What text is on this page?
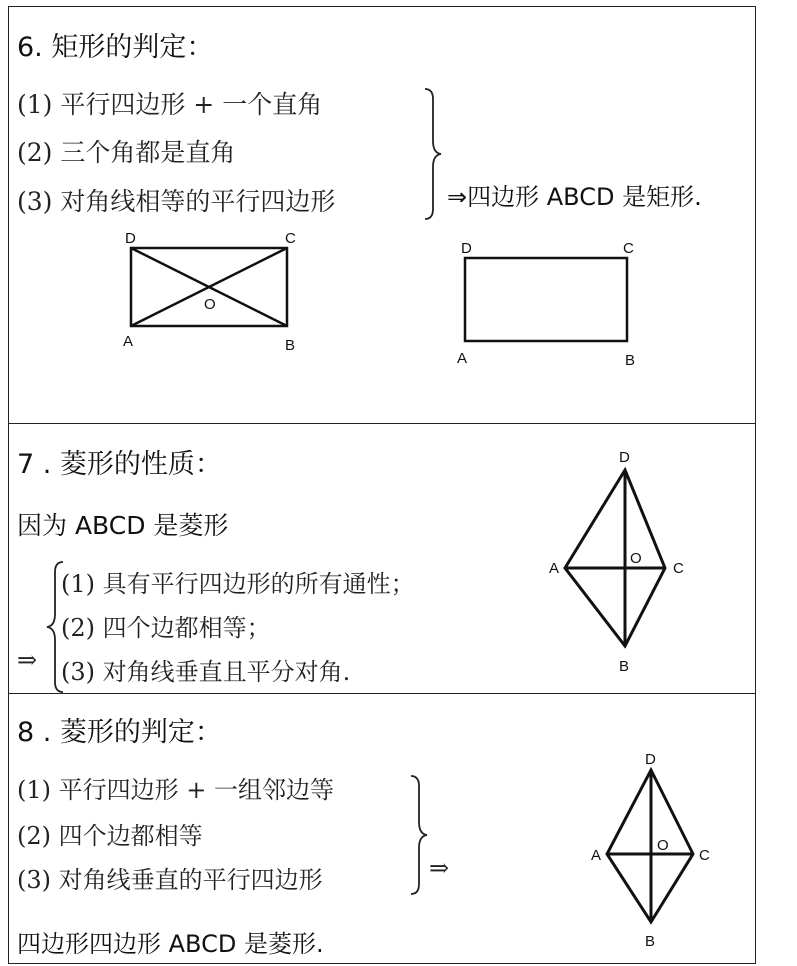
6. 矩形的判定：
(1) 平行四边形 + 一个直角
(2) 三个角都是直角
(3) 对角线相等的平行四边形	⇒四边形 ABCD 是矩形.
D	C
O
A	B
D	C
A	B
7 . 菱形的性质：
因为 ABCD 是菱形
⇒
(1) 具有平行四边形的所有通性；
(2) 四个边都相等；
(3) 对角线垂直且平分对角.
D
A
O
C
B
8 . 菱形的判定：
(1) 平行四边形 + 一组邻边等
(2) 四个边都相等
(3) 对角线垂直的平行四边形	⇒
四边形四边形 ABCD 是菱形.
D
A
O
C
B
